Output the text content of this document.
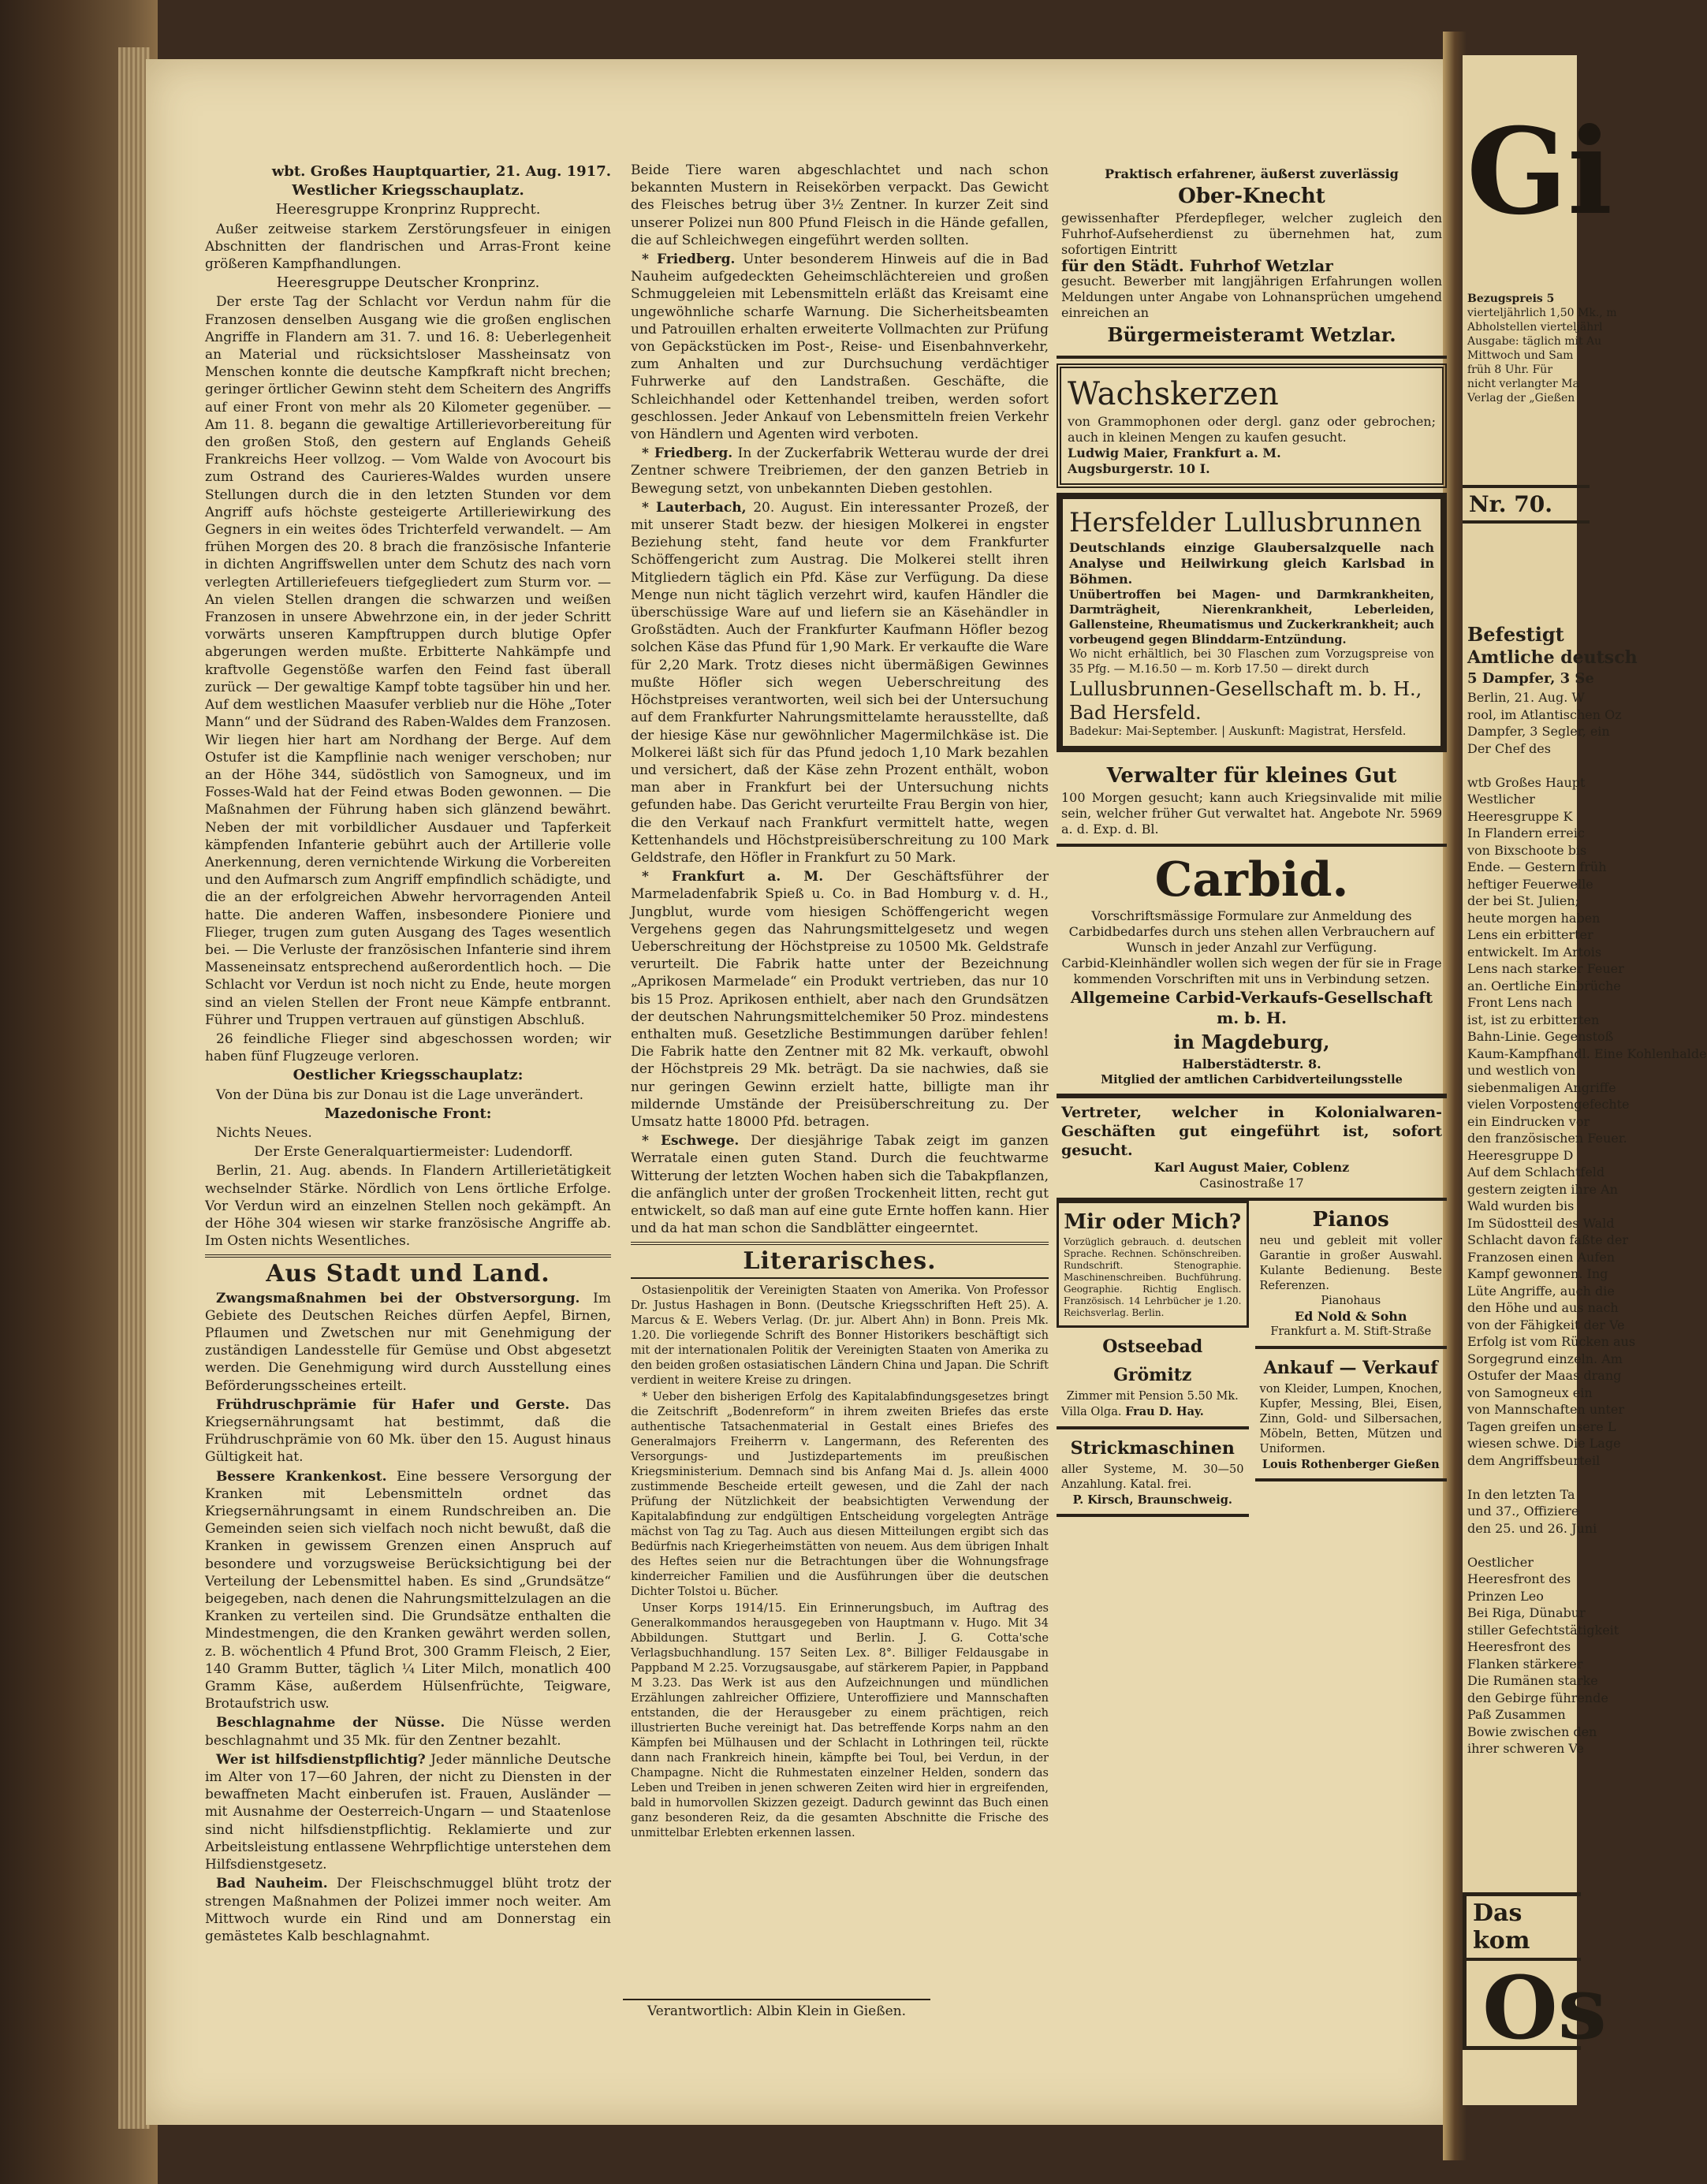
wbt. Großes Hauptquartier, 21. Aug. 1917.
Westlicher Kriegsschauplatz.
Heeresgruppe Kronprinz Rupprecht.

Außer zeitweise starkem Zerstörungsfeuer in einigen Abschnitten der flandrischen und Arras-Front keine größeren Kampfhandlungen.

Heeresgruppe Deutscher Kronprinz.

Der erste Tag der Schlacht vor Verdun nahm für die Franzosen denselben Ausgang wie die großen englischen Angriffe in Flandern am 31. 7. und 16. 8: Ueberlegenheit an Material und rücksichtsloser Massheinsatz von Menschen konnte die deutsche Kampfkraft nicht brechen; geringer örtlicher Gewinn steht dem Scheitern des Angriffs auf einer Front von mehr als 20 Kilometer gegenüber. — Am 11. 8. begann die gewaltige Artillerievorbereitung für den großen Stoß, den gestern auf Englands Geheiß Frankreichs Heer vollzog. — Vom Walde von Avocourt bis zum Ostrand des Caurieres-Waldes wurden unsere Stellungen durch die in den letzten Stunden vor dem Angriff aufs höchste gesteigerte Artilleriewirkung des Gegners in ein weites ödes Trichterfeld verwandelt. — Am frühen Morgen des 20. 8 brach die französische Infanterie in dichten Angriffswellen unter dem Schutz des nach vorn verlegten Artilleriefeuers tiefgegliedert zum Sturm vor. — An vielen Stellen drangen die schwarzen und weißen Franzosen in unsere Abwehrzone ein, in der jeder Schritt vorwärts unseren Kampftruppen durch blutige Opfer abgerungen werden mußte. Erbitterte Nahkämpfe und kraftvolle Gegenstöße warfen den Feind fast überall zurück — Der gewaltige Kampf tobte tagsüber hin und her. Auf dem westlichen Maasufer verblieb nur die Höhe „Toter Mann“ und der Südrand des Raben-Waldes dem Franzosen. Wir liegen hier hart am Nordhang der Berge. Auf dem Ostufer ist die Kampflinie nach weniger verschoben; nur an der Höhe 344, südöstlich von Samogneux, und im Fosses-Wald hat der Feind etwas Boden gewonnen. — Die Maßnahmen der Führung haben sich glänzend bewährt. Neben der mit vorbildlicher Ausdauer und Tapferkeit kämpfenden Infanterie gebührt auch der Artillerie volle Anerkennung, deren vernichtende Wirkung die Vorbereiten und den Aufmarsch zum Angriff empfindlich schädigte, und die an der erfolgreichen Abwehr hervorragenden Anteil hatte. Die anderen Waffen, insbesondere Pioniere und Flieger, trugen zum guten Ausgang des Tages wesentlich bei. — Die Verluste der französischen Infanterie sind ihrem Masseneinsatz entsprechend außerordentlich hoch. — Die Schlacht vor Verdun ist noch nicht zu Ende, heute morgen sind an vielen Stellen der Front neue Kämpfe entbrannt. Führer und Truppen vertrauen auf günstigen Abschluß.

26 feindliche Flieger sind abgeschossen worden; wir haben fünf Flugzeuge verloren.

Oestlicher Kriegsschauplatz:

Von der Düna bis zur Donau ist die Lage unverändert.

Mazedonische Front:

Nichts Neues.

Der Erste Generalquartiermeister: Ludendorff.

Berlin, 21. Aug. abends. In Flandern Artillerietätigkeit wechselnder Stärke. Nördlich von Lens örtliche Erfolge. Vor Verdun wird an einzelnen Stellen noch gekämpft. An der Höhe 304 wiesen wir starke französische Angriffe ab. Im Osten nichts Wesentliches.

Aus Stadt und Land.

Zwangsmaßnahmen bei der Obstversorgung. Im Gebiete des Deutschen Reiches dürfen Aepfel, Birnen, Pflaumen und Zwetschen nur mit Genehmigung der zuständigen Landesstelle für Gemüse und Obst abgesetzt werden. Die Genehmigung wird durch Ausstellung eines Beförderungsscheines erteilt.

Frühdruschprämie für Hafer und Gerste. Das Kriegsernährungsamt hat bestimmt, daß die Frühdruschprämie von 60 Mk. über den 15. August hinaus Gültigkeit hat.

Bessere Krankenkost. Eine bessere Versorgung der Kranken mit Lebensmitteln ordnet das Kriegsernährungsamt in einem Rundschreiben an. Die Gemeinden seien sich vielfach noch nicht bewußt, daß die Kranken in gewissem Grenzen einen Anspruch auf besondere und vorzugsweise Berücksichtigung bei der Verteilung der Lebensmittel haben. Es sind „Grundsätze“ beigegeben, nach denen die Nahrungsmittelzulagen an die Kranken zu verteilen sind. Die Grundsätze enthalten die Mindestmengen, die den Kranken gewährt werden sollen, z. B. wöchentlich 4 Pfund Brot, 300 Gramm Fleisch, 2 Eier, 140 Gramm Butter, täglich ¼ Liter Milch, monatlich 400 Gramm Käse, außerdem Hülsenfrüchte, Teigware, Brotaufstrich usw.

Beschlagnahme der Nüsse. Die Nüsse werden beschlagnahmt und 35 Mk. für den Zentner bezahlt.

Wer ist hilfsdienstpflichtig? Jeder männliche Deutsche im Alter von 17—60 Jahren, der nicht zu Diensten in der bewaffneten Macht einberufen ist. Frauen, Ausländer — mit Ausnahme der Oesterreich-Ungarn — und Staatenlose sind nicht hilfsdienstpflichtig. Reklamierte und zur Arbeitsleistung entlassene Wehrpflichtige unterstehen dem Hilfsdienstgesetz.

Bad Nauheim. Der Fleischschmuggel blüht trotz der strengen Maßnahmen der Polizei immer noch weiter. Am Mittwoch wurde ein Rind und am Donnerstag ein gemästetes Kalb beschlagnahmt.

Beide Tiere waren abgeschlachtet und nach schon bekannten Mustern in Reisekörben verpackt. Das Gewicht des Fleisches betrug über 3½ Zentner. In kurzer Zeit sind unserer Polizei nun 800 Pfund Fleisch in die Hände gefallen, die auf Schleichwegen eingeführt werden sollten.

* Friedberg. Unter besonderem Hinweis auf die in Bad Nauheim aufgedeckten Geheimschlächtereien und großen Schmuggeleien mit Lebensmitteln erläßt das Kreisamt eine ungewöhnliche scharfe Warnung. Die Sicherheitsbeamten und Patrouillen erhalten erweiterte Vollmachten zur Prüfung von Gepäckstücken im Post-, Reise- und Eisenbahnverkehr, zum Anhalten und zur Durchsuchung verdächtiger Fuhrwerke auf den Landstraßen. Geschäfte, die Schleichhandel oder Kettenhandel treiben, werden sofort geschlossen. Jeder Ankauf von Lebensmitteln freien Verkehr von Händlern und Agenten wird verboten.

* Friedberg. In der Zuckerfabrik Wetterau wurde der drei Zentner schwere Treibriemen, der den ganzen Betrieb in Bewegung setzt, von unbekannten Dieben gestohlen.

* Lauterbach, 20. August. Ein interessanter Prozeß, der mit unserer Stadt bezw. der hiesigen Molkerei in engster Beziehung steht, fand heute vor dem Frankfurter Schöffengericht zum Austrag. Die Molkerei stellt ihren Mitgliedern täglich ein Pfd. Käse zur Verfügung. Da diese Menge nun nicht täglich verzehrt wird, kaufen Händler die überschüssige Ware auf und liefern sie an Käsehändler in Großstädten. Auch der Frankfurter Kaufmann Höfler bezog solchen Käse das Pfund für 1,90 Mark. Er verkaufte die Ware für 2,20 Mark. Trotz dieses nicht übermäßigen Gewinnes mußte Höfler sich wegen Ueberschreitung des Höchstpreises verantworten, weil sich bei der Untersuchung auf dem Frankfurter Nahrungsmittelamte herausstellte, daß der hiesige Käse nur gewöhnlicher Magermilchkäse ist. Die Molkerei läßt sich für das Pfund jedoch 1,10 Mark bezahlen und versichert, daß der Käse zehn Prozent enthält, wobon man aber in Frankfurt bei der Untersuchung nichts gefunden habe. Das Gericht verurteilte Frau Bergin von hier, die den Verkauf nach Frankfurt vermittelt hatte, wegen Kettenhandels und Höchstpreisüberschreitung zu 100 Mark Geldstrafe, den Höfler in Frankfurt zu 50 Mark.

* Frankfurt a. M. Der Geschäftsführer der Marmeladenfabrik Spieß u. Co. in Bad Homburg v. d. H., Jungblut, wurde vom hiesigen Schöffengericht wegen Vergehens gegen das Nahrungsmittelgesetz und wegen Ueberschreitung der Höchstpreise zu 10500 Mk. Geldstrafe verurteilt. Die Fabrik hatte unter der Bezeichnung „Aprikosen Marmelade“ ein Produkt vertrieben, das nur 10 bis 15 Proz. Aprikosen enthielt, aber nach den Grundsätzen der deutschen Nahrungsmittelchemiker 50 Proz. mindestens enthalten muß. Gesetzliche Bestimmungen darüber fehlen! Die Fabrik hatte den Zentner mit 82 Mk. verkauft, obwohl der Höchstpreis 29 Mk. beträgt. Da sie nachwies, daß sie nur geringen Gewinn erzielt hatte, billigte man ihr mildernde Umstände der Preisüberschreitung zu. Der Umsatz hatte 18000 Pfd. betragen.

* Eschwege. Der diesjährige Tabak zeigt im ganzen Werratale einen guten Stand. Durch die feuchtwarme Witterung der letzten Wochen haben sich die Tabakpflanzen, die anfänglich unter der großen Trockenheit litten, recht gut entwickelt, so daß man auf eine gute Ernte hoffen kann. Hier und da hat man schon die Sandblätter eingeerntet.

Literarisches.

Ostasienpolitik der Vereinigten Staaten von Amerika. Von Professor Dr. Justus Hashagen in Bonn. (Deutsche Kriegsschriften Heft 25). A. Marcus & E. Webers Verlag. (Dr. jur. Albert Ahn) in Bonn. Preis Mk. 1.20. Die vorliegende Schrift des Bonner Historikers beschäftigt sich mit der internationalen Politik der Vereinigten Staaten von Amerika zu den beiden großen ostasiatischen Ländern China und Japan. Die Schrift verdient in weitere Kreise zu dringen.

* Ueber den bisherigen Erfolg des Kapitalabfindungsgesetzes bringt die Zeitschrift „Bodenreform“ in ihrem zweiten Briefes das erste authentische Tatsachenmaterial in Gestalt eines Briefes des Generalmajors Freiherrn v. Langermann, des Referenten des Versorgungs- und Justizdepartements im preußischen Kriegsministerium. Demnach sind bis Anfang Mai d. Js. allein 4000 zustimmende Bescheide erteilt gewesen, und die Zahl der nach Prüfung der Nützlichkeit der beabsichtigten Verwendung der Kapitalabfindung zur endgültigen Entscheidung vorgelegten Anträge mächst von Tag zu Tag. Auch aus diesen Mitteilungen ergibt sich das Bedürfnis nach Kriegerheimstätten von neuem. Aus dem übrigen Inhalt des Heftes seien nur die Betrachtungen über die Wohnungsfrage kinderreicher Familien und die Ausführungen über die deutschen Dichter Tolstoi u. Bücher.

Unser Korps 1914/15. Ein Erinnerungsbuch, im Auftrag des Generalkommandos herausgegeben von Hauptmann v. Hugo. Mit 34 Abbildungen. Stuttgart und Berlin. J. G. Cotta'sche Verlagsbuchhandlung. 157 Seiten Lex. 8°. Billiger Feldausgabe in Pappband M 2.25. Vorzugsausgabe, auf stärkerem Papier, in Pappband M 3.23. Das Werk ist aus den Aufzeichnungen und mündlichen Erzählungen zahlreicher Offiziere, Unteroffiziere und Mannschaften entstanden, die der Herausgeber zu einem prächtigen, reich illustrierten Buche vereinigt hat. Das betreffende Korps nahm an den Kämpfen bei Mülhausen und der Schlacht in Lothringen teil, rückte dann nach Frankreich hinein, kämpfte bei Toul, bei Verdun, in der Champagne. Nicht die Ruhmestaten einzelner Helden, sondern das Leben und Treiben in jenen schweren Zeiten wird hier in ergreifenden, bald in humorvollen Skizzen gezeigt. Dadurch gewinnt das Buch einen ganz besonderen Reiz, da die gesamten Abschnitte die Frische des unmittelbar Erlebten erkennen lassen.

Verantwortlich: Albin Klein in Gießen.
Praktisch erfahrener, äußerst zuverlässig
Ober-Knecht
gewissenhafter Pferdepfleger, welcher zugleich den Fuhrhof-Aufseherdienst zu übernehmen hat, zum sofortigen Eintritt
für den Städt. Fuhrhof Wetzlar
gesucht. Bewerber mit langjährigen Erfahrungen wollen Meldungen unter Angabe von Lohnansprüchen umgehend einreichen an
Bürgermeisteramt Wetzlar.
Wachskerzen
von Grammophonen oder dergl. ganz oder gebrochen; auch in kleinen Mengen zu kaufen gesucht.
Ludwig Maier, Frankfurt a. M.
Augsburgerstr. 10 I.
Hersfelder Lullusbrunnen
Deutschlands einzige Glaubersalzquelle nach Analyse und Heilwirkung gleich Karlsbad in Böhmen.
Unübertroffen bei Magen- und Darmkrankheiten, Darmträgheit, Nierenkrankheit, Leberleiden, Gallensteine, Rheumatismus und Zuckerkrankheit; auch vorbeugend gegen Blinddarm-Entzündung.
Wo nicht erhältlich, bei 30 Flaschen zum Vorzugspreise von 35 Pfg. — M.16.50 — m. Korb 17.50 — direkt durch
Lullusbrunnen-Gesellschaft m. b. H.,
Bad Hersfeld.
Badekur: Mai-September. | Auskunft: Magistrat, Hersfeld.
Verwalter für kleines Gut
100 Morgen gesucht; kann auch Kriegsinvalide mit milie sein, welcher früher Gut verwaltet hat. Angebote Nr. 5969 a. d. Exp. d. Bl.
Carbid.
Vorschriftsmässige Formulare zur Anmeldung des Carbidbedarfes durch uns stehen allen Verbrauchern auf Wunsch in jeder Anzahl zur Verfügung.
Carbid-Kleinhändler wollen sich wegen der für sie in Frage kommenden Vorschriften mit uns in Verbindung setzen.
Allgemeine Carbid-Verkaufs-Gesellschaft m. b. H.
in Magdeburg,
Halberstädterstr. 8.
Mitglied der amtlichen Carbidverteilungsstelle
Vertreter, welcher in Kolonialwaren-Geschäften gut eingeführt ist, sofort gesucht.
Karl August Maier, Coblenz
Casinostraße 17
Mir oder Mich?
Vorzüglich gebrauch. d. deutschen Sprache. Rechnen. Schönschreiben. Rundschrift. Stenographie. Maschinenschreiben. Buchführung. Geographie. Richtig Englisch. Französisch. 14 Lehrbücher je 1.20. Reichsverlag. Berlin.
Ostseebad Grömitz
Zimmer mit Pension 5.50 Mk.
Villa Olga. Frau D. Hay.
Strickmaschinen
aller Systeme, M. 30—50 Anzahlung. Katal. frei.
P. Kirsch, Braunschweig.
Pianos
neu und gebleit mit voller Garantie in großer Auswahl. Kulante Bedienung. Beste Referenzen.
Pianohaus
Ed Nold & Sohn
Frankfurt a. M. Stift-Straße
Ankauf — Verkauf
von Kleider, Lumpen, Knochen, Kupfer, Messing, Blei, Eisen, Zinn, Gold- und Silbersachen, Möbeln, Betten, Mützen und Uniformen.
Louis Rothenberger Gießen
Gi
Bezugspreis 5
vierteljährlich 1,50 Mk., m
Abholstellen vierteljährl
Ausgabe: täglich mit Au
Mittwoch und Sam
früh 8 Uhr. Für
nicht verlangter Ma
Verlag der „Gießen
Nr. 70.
Befestigt
Amtliche deutsch
5 Dampfer, 3 Se
Berlin, 21. Aug. W
rool, im Atlantischen Oz
Dampfer, 3 Segler, ein
Der Chef des
wtb Großes Haupt
Westlicher
Heeresgruppe K
In Flandern erreic
von Bixschoote bis
Ende. — Gestern früh
heftiger Feuerwelle
der bei St. Julien;
heute morgen haben
Lens ein erbitterter
entwickelt. Im Artois
Lens nach starker Feuer
an. Oertliche Einbrüche
Front Lens nach
ist, ist zu erbitterten
Bahn-Linie. Gegenstoß
Kaum-Kampfhandl. Eine Kohlenhalde
und westlich von
siebenmaligen Angriffe
vielen Vorpostengefechte
ein Eindrucken vor
den französischen Feuer.
Heeresgruppe D
Auf dem Schlachtfeld
gestern zeigten ihre An
Wald wurden bis
Im Südostteil des Wald
Schlacht davon faßte der
Franzosen einen Aufen
Kampf gewonnen. Ing
Lüte Angriffe, auch die
den Höhe und aus nach
von der Fähigkeit der Ve
Erfolg ist vom Rücken aus
Sorgegrund einzeln. Am
Ostufer der Maas drang
von Samogneux ein
von Mannschaften unter
Tagen greifen unsere L
wiesen schwe. Die Lage
dem Angriffsbeurteil
In den letzten Ta
und 37., Offiziere
den 25. und 26. Juni
Oestlicher
Heeresfront des
Prinzen Leo
Bei Riga, Dünabur
stiller Gefechtstätigkeit
Heeresfront des
Flanken stärkerer
Die Rumänen starke
den Gebirge führende
Paß Zusammen
Bowie zwischen den
ihrer schweren Ve
Das kom
Os
